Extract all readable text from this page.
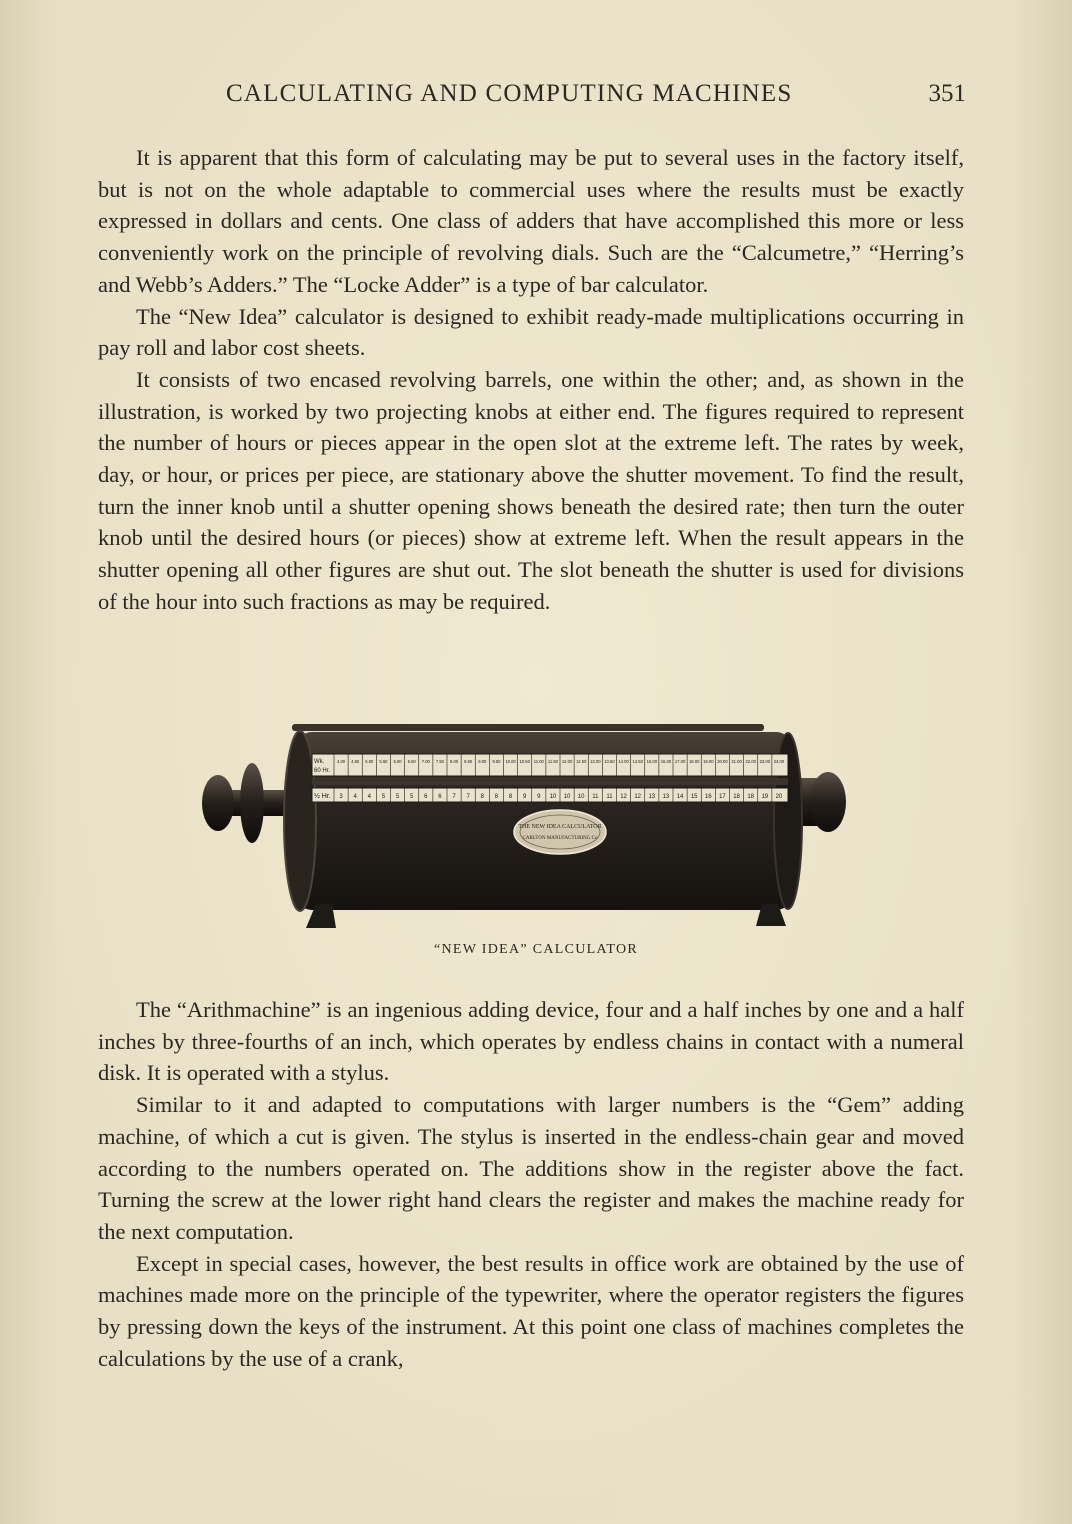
CALCULATING AND COMPUTING MACHINES	351

It is apparent that this form of calculating may be put to several uses in the factory itself, but is not on the whole adaptable to commercial uses where the results must be exactly expressed in dollars and cents. One class of adders that have accomplished this more or less conveniently work on the principle of revolving dials. Such are the “Calcumetre,” “Herring’s and Webb’s Adders.” The “Locke Adder” is a type of bar calculator.

The “New Idea” calculator is designed to exhibit ready-made multiplications occurring in pay roll and labor cost sheets.

It consists of two encased revolving barrels, one within the other; and, as shown in the illustration, is worked by two projecting knobs at either end. The figures required to represent the number of hours or pieces appear in the open slot at the extreme left. The rates by week, day, or hour, or prices per piece, are stationary above the shutter movement. To find the result, turn the inner knob until a shutter opening shows beneath the desired rate; then turn the outer knob until the desired hours (or pieces) show at extreme left. When the result appears in the shutter opening all other figures are shut out. The slot beneath the shutter is used for divisions of the hour into such fractions as may be required.

4.00 4.50 5.00 5.50 6.00 6.50 7.00 7.50 8.00 8.50 9.00 9.50 10.00 10.50 11.00 11.50 12.00 12.50 13.00 13.50 14.00 14.50 15.00 16.00 17.00 18.00 19.00 20.00 21.00 22.00 23.00 24.00
3 4 4 5 5 5 6 6 7 7 8 8 8 9 9 10 10 10 11 11 12 12 13 13 14 15 16 17 18 18 19 20
Wk.
60 Hr.
½ Hr.
THE NEW IDEA CALCULATOR
CARLTON MANUFACTURING Co
“NEW IDEA” CALCULATOR

The “Arithmachine” is an ingenious adding device, four and a half inches by one and a half inches by three-fourths of an inch, which operates by endless chains in contact with a numeral disk. It is operated with a stylus.

Similar to it and adapted to computations with larger numbers is the “Gem” adding machine, of which a cut is given. The stylus is inserted in the endless-chain gear and moved according to the numbers operated on. The additions show in the register above the fact. Turning the screw at the lower right hand clears the register and makes the machine ready for the next computation.

Except in special cases, however, the best results in office work are obtained by the use of machines made more on the principle of the typewriter, where the operator registers the figures by pressing down the keys of the instrument. At this point one class of machines completes the calculations by the use of a crank,
